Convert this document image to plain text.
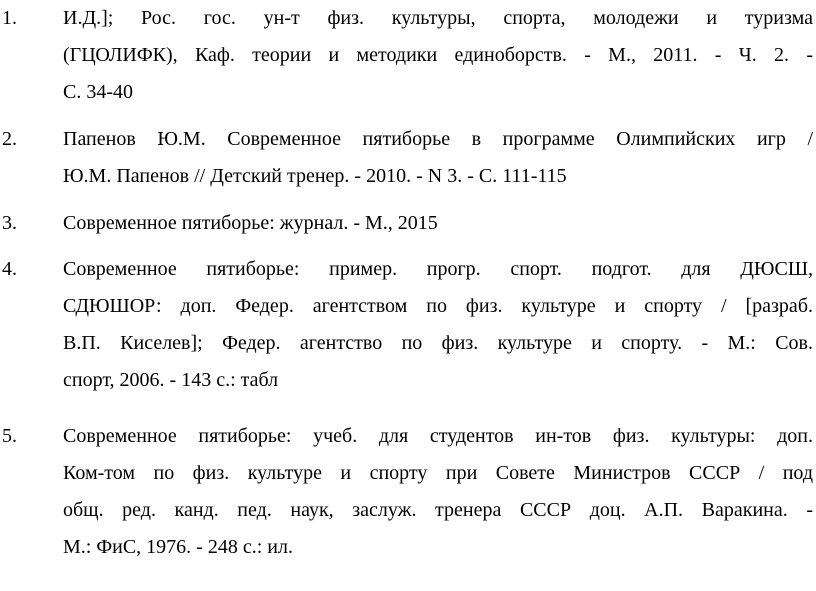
1. И.Д.]; Рос. гос. ун-т физ. культуры, спорта, молодежи и туризма
(ГЦОЛИФК), Каф. теории и методики единоборств. - М., 2011. - Ч. 2. -
С. 34-40
2. Папенов Ю.М. Современное пятиборье в программе Олимпийских игр /
Ю.М. Папенов // Детский тренер. - 2010. - N 3. - С. 111-115
3. Современное пятиборье: журнал. - М., 2015
4. Современное пятиборье: пример. прогр. спорт. подгот. для ДЮСШ,
СДЮШОР: доп. Федер. агентством по физ. культуре и спорту / [разраб.
В.П. Киселев]; Федер. агентство по физ. культуре и спорту. - М.: Сов.
спорт, 2006. - 143 с.: табл
5. Современное пятиборье: учеб. для студентов ин-тов физ. культуры: доп.
Ком-том по физ. культуре и спорту при Совете Министров СССР / под
общ. ред. канд. пед. наук, заслуж. тренера СССР доц. А.П. Варакина. -
М.: ФиС, 1976. - 248 с.: ил.
